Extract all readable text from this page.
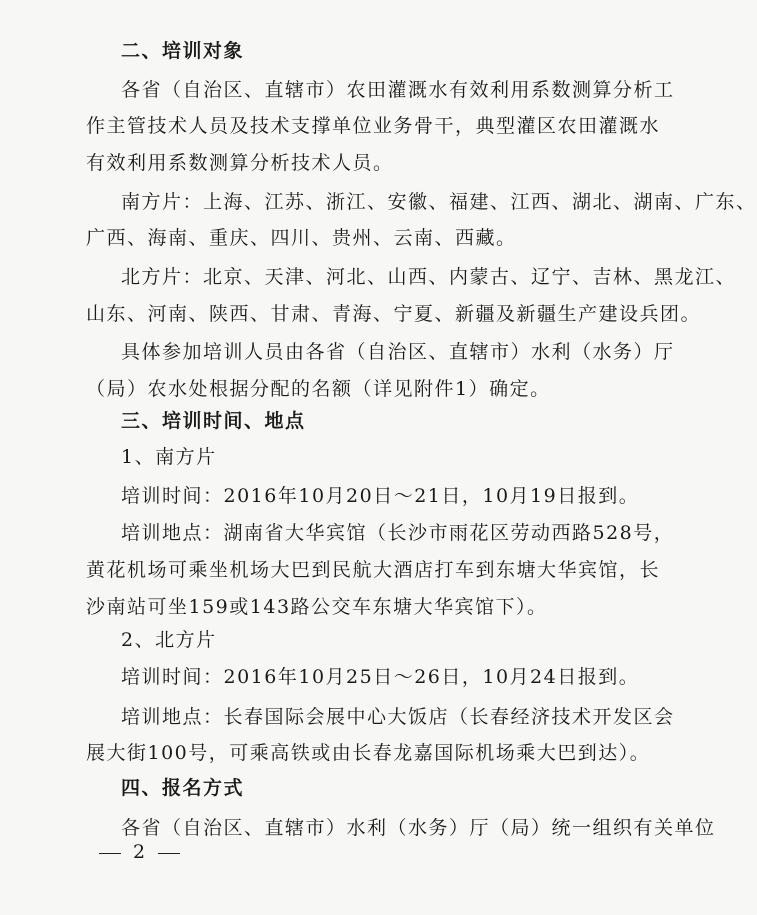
二、培训对象
各省（自治区、直辖市）农田灌溉水有效利用系数测算分析工
作主管技术人员及技术支撑单位业务骨干，典型灌区农田灌溉水
有效利用系数测算分析技术人员。
南方片：上海、江苏、浙江、安徽、福建、江西、湖北、湖南、广东、
广西、海南、重庆、四川、贵州、云南、西藏。
北方片：北京、天津、河北、山西、内蒙古、辽宁、吉林、黑龙江、
山东、河南、陕西、甘肃、青海、宁夏、新疆及新疆生产建设兵团。
具体参加培训人员由各省（自治区、直辖市）水利（水务）厅
（局）农水处根据分配的名额（详见附件1）确定。
三、培训时间、地点
1、南方片
培训时间：2016年10月20日～21日，10月19日报到。
培训地点：湖南省大华宾馆（长沙市雨花区劳动西路528号，
黄花机场可乘坐机场大巴到民航大酒店打车到东塘大华宾馆，长
沙南站可坐159或143路公交车东塘大华宾馆下）。
2、北方片
培训时间：2016年10月25日～26日，10月24日报到。
培训地点：长春国际会展中心大饭店（长春经济技术开发区会
展大街100号，可乘高铁或由长春龙嘉国际机场乘大巴到达）。
四、报名方式
各省（自治区、直辖市）水利（水务）厅（局）统一组织有关单位
2
